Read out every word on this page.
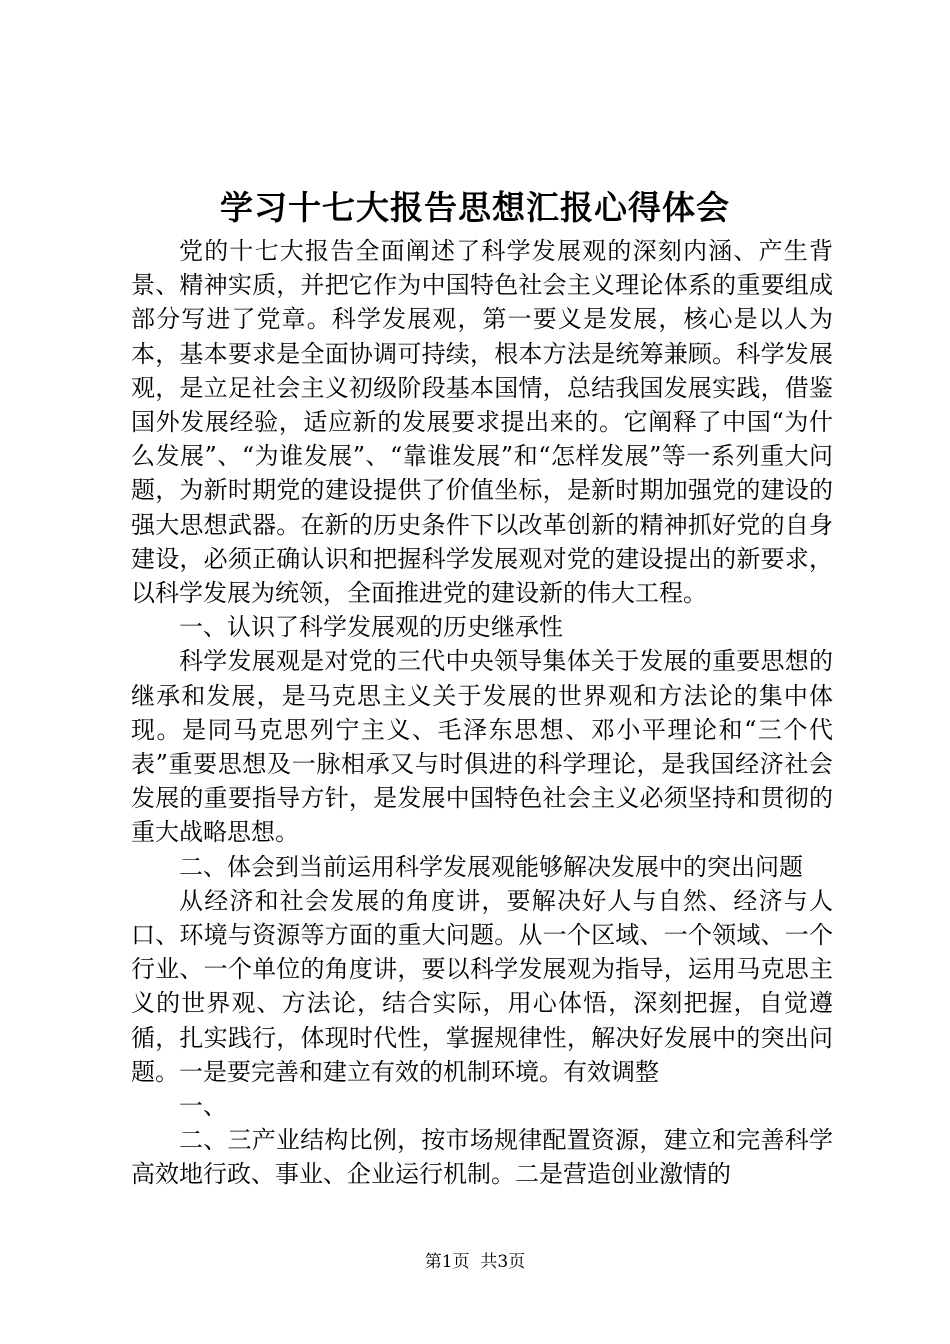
学习十七大报告思想汇报心得体会

党的十七大报告全面阐述了科学发展观的深刻内涵、产生背景、精神实质，并把它作为中国特色社会主义理论体系的重要组成部分写进了党章。科学发展观，第一要义是发展，核心是以人为本，基本要求是全面协调可持续，根本方法是统筹兼顾。科学发展观，是立足社会主义初级阶段基本国情，总结我国发展实践，借鉴国外发展经验，适应新的发展要求提出来的。它阐释了中国“为什么发展”、“为谁发展”、“靠谁发展”和“怎样发展”等一系列重大问题，为新时期党的建设提供了价值坐标，是新时期加强党的建设的强大思想武器。在新的历史条件下以改革创新的精神抓好党的自身建设，必须正确认识和把握科学发展观对党的建设提出的新要求，以科学发展为统领，全面推进党的建设新的伟大工程。

一、认识了科学发展观的历史继承性

科学发展观是对党的三代中央领导集体关于发展的重要思想的继承和发展，是马克思主义关于发展的世界观和方法论的集中体现。是同马克思列宁主义、毛泽东思想、邓小平理论和“三个代表”重要思想及一脉相承又与时俱进的科学理论，是我国经济社会发展的重要指导方针，是发展中国特色社会主义必须坚持和贯彻的重大战略思想。

二、体会到当前运用科学发展观能够解决发展中的突出问题

从经济和社会发展的角度讲，要解决好人与自然、经济与人口、环境与资源等方面的重大问题。从一个区域、一个领域、一个行业、一个单位的角度讲，要以科学发展观为指导，运用马克思主义的世界观、方法论，结合实际，用心体悟，深刻把握，自觉遵循，扎实践行，体现时代性，掌握规律性，解决好发展中的突出问题。一是要完善和建立有效的机制环境。有效调整

一、

二、三产业结构比例，按市场规律配置资源，建立和完善科学高效地行政、事业、企业运行机制。二是营造创业激情的

第1页 共3页
